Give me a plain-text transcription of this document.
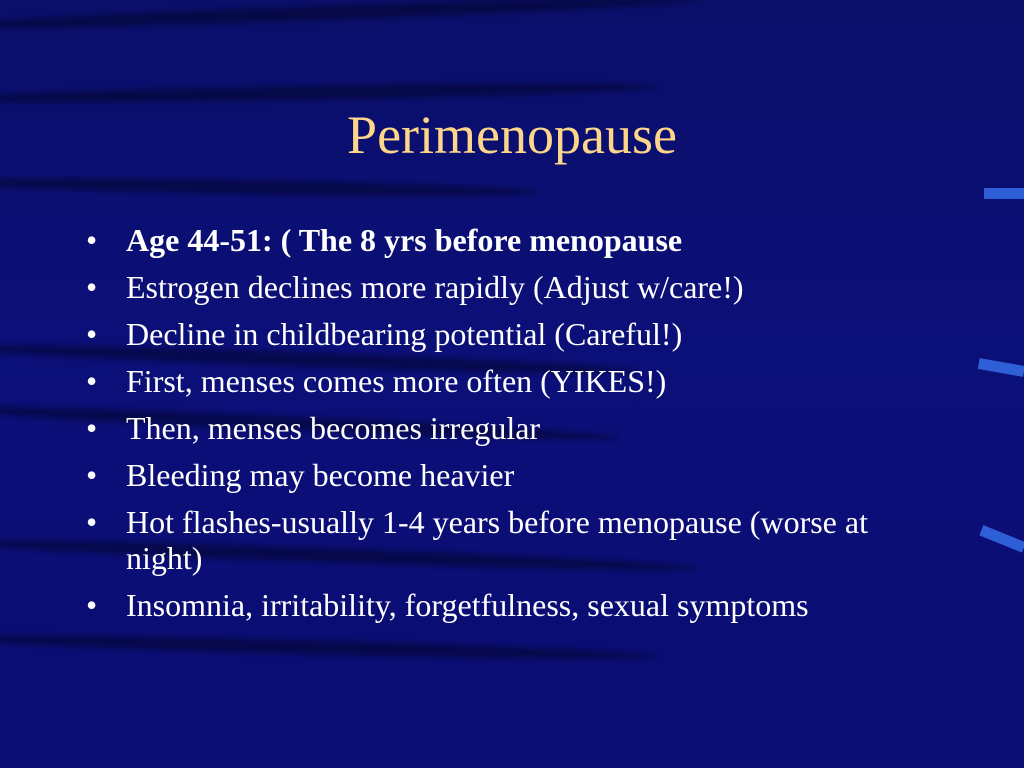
Perimenopause
• Age 44-51: ( The 8 yrs before menopause
• Estrogen declines more rapidly (Adjust w/care!)
• Decline in childbearing potential (Careful!)
• First, menses comes more often (YIKES!)
• Then, menses becomes irregular
• Bleeding may become heavier
• Hot flashes-usually 1-4 years before menopause (worse at night)
• Insomnia, irritability, forgetfulness, sexual symptoms
